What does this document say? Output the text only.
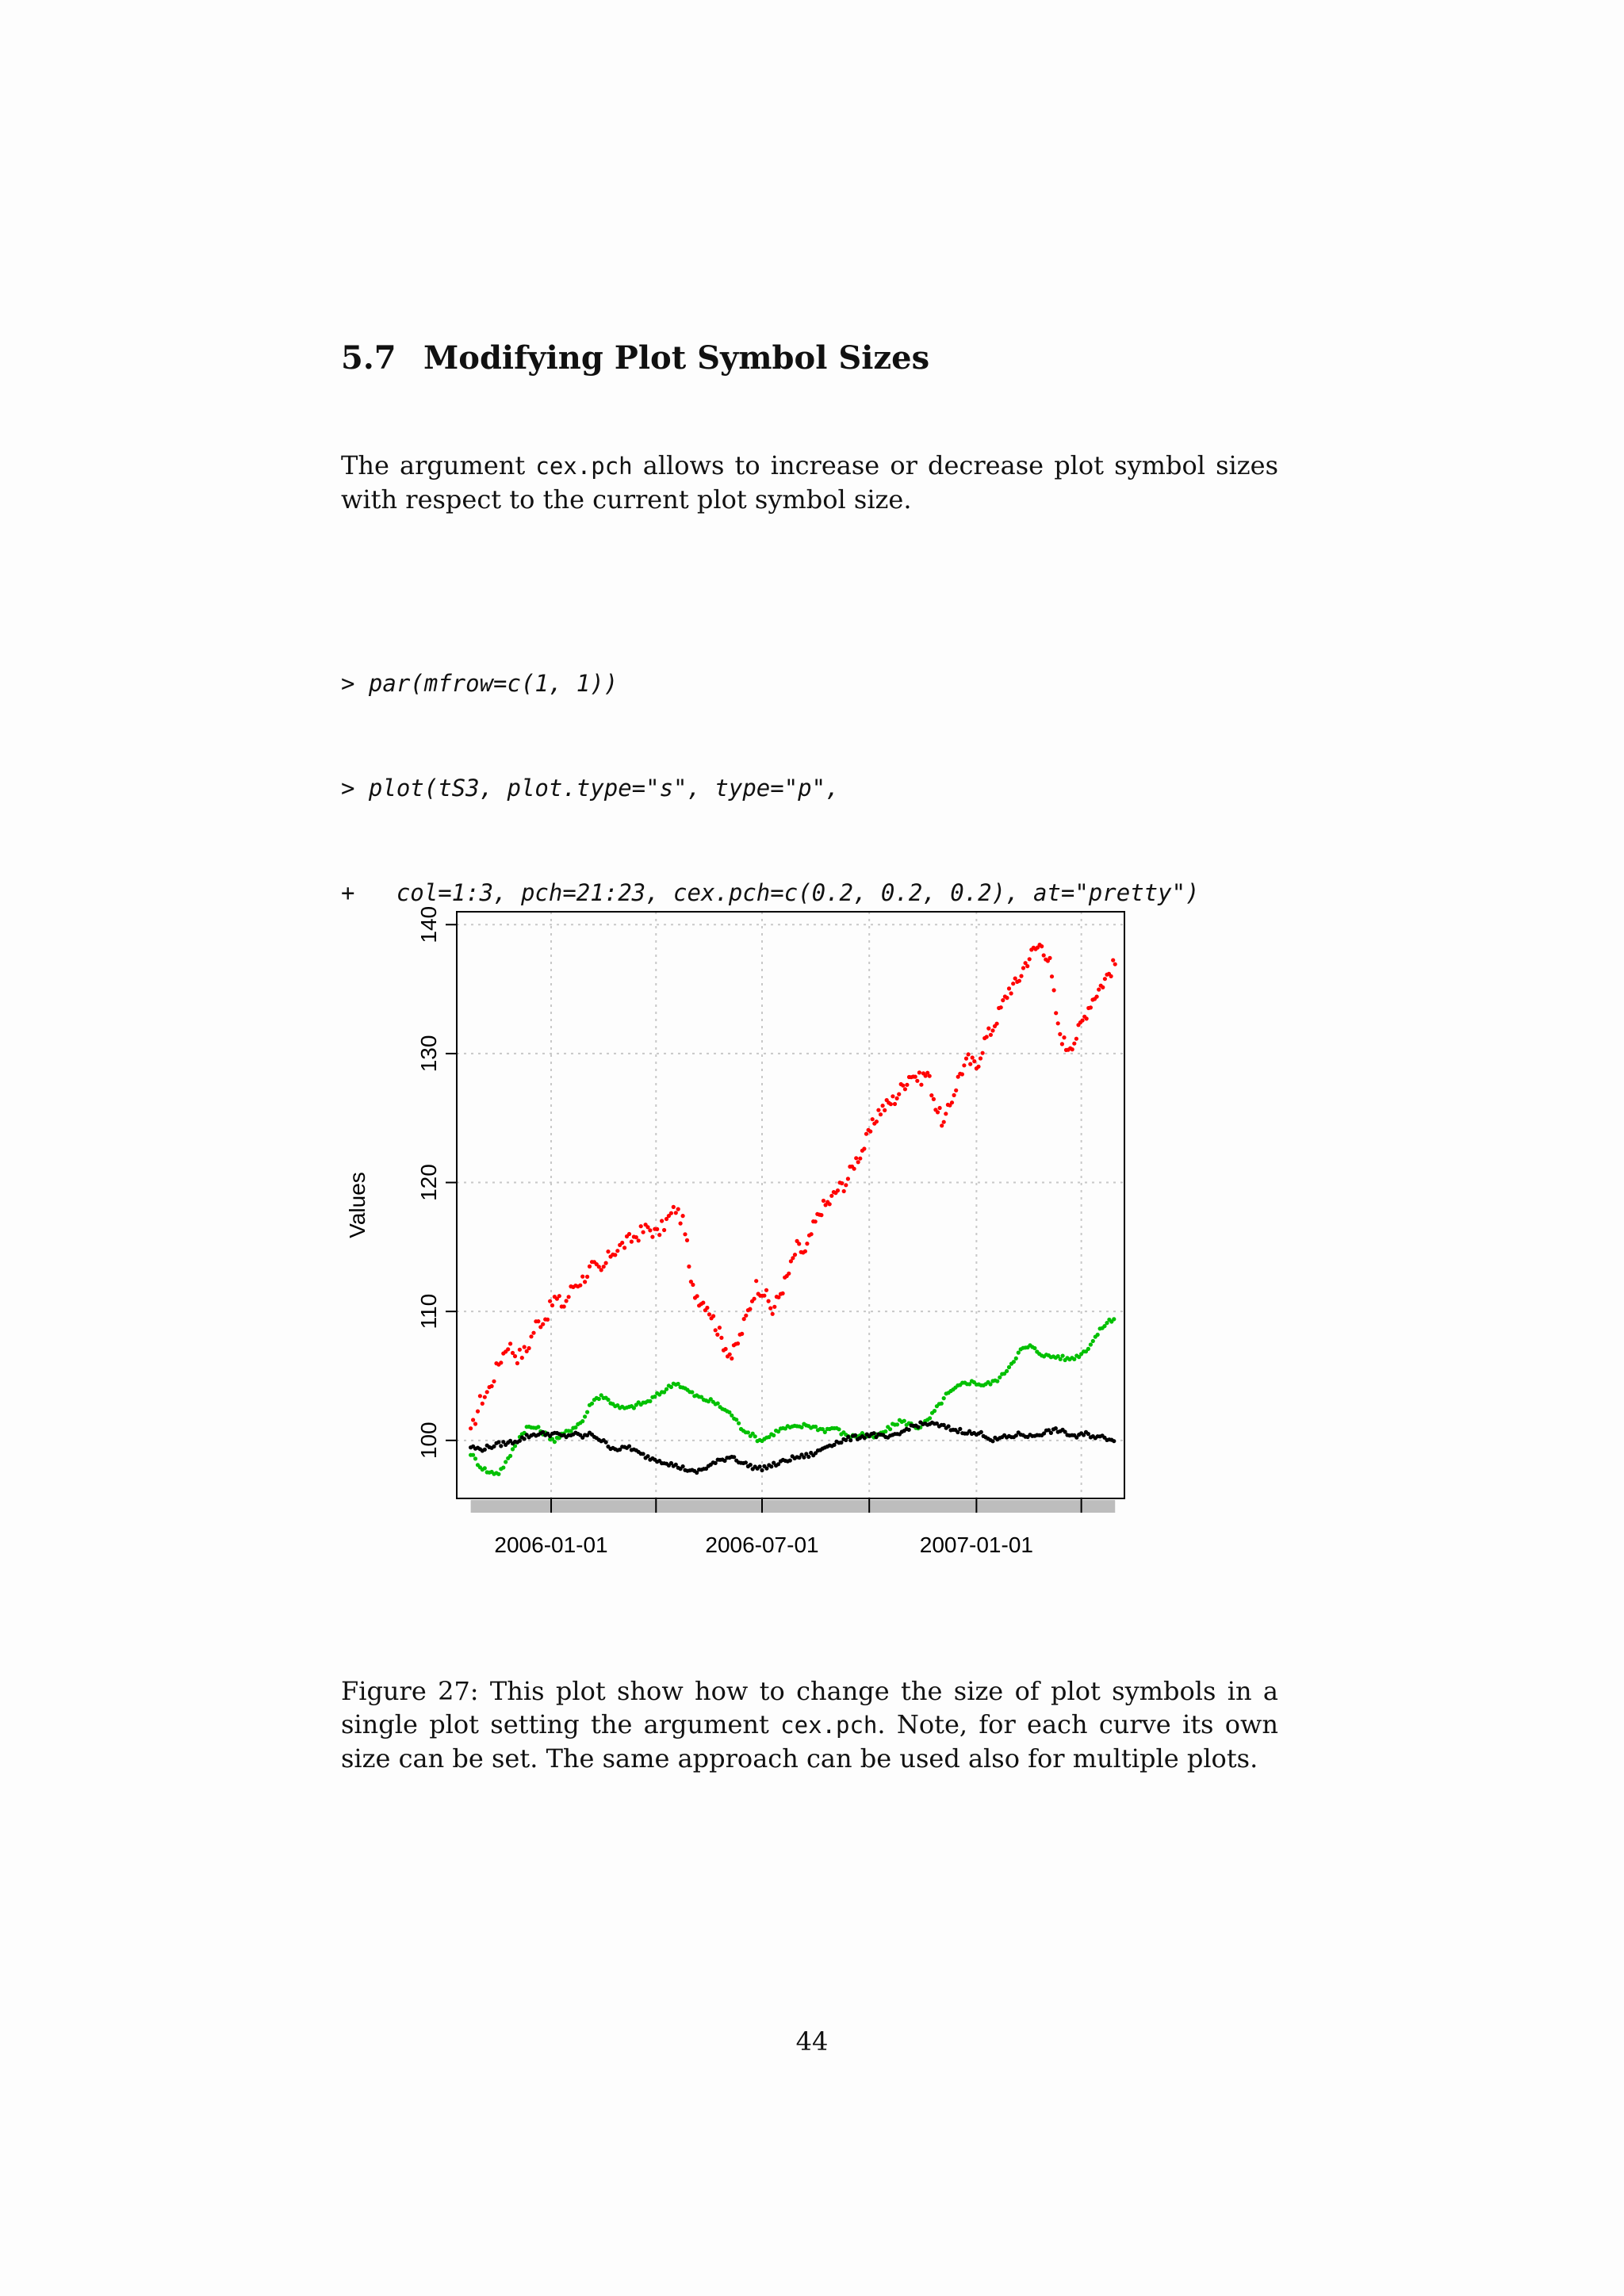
5.7 Modifying Plot Symbol Sizes

The argument cex.pch allows to increase or decrease plot symbol sizes with respect to the current plot symbol size.

> par(mfrow=c(1, 1))

> plot(tS3, plot.type="s", type="p",

+   col=1:3, pch=21:23, cex.pch=c(0.2, 0.2, 0.2), at="pretty")

100
110
120
130
140
Values
2006-01-01	2006-07-01	2007-01-01

Figure 27: This plot show how to change the size of plot symbols in a single plot setting the argument cex.pch. Note, for each curve its own size can be set. The same approach can be used also for multiple plots.

44
